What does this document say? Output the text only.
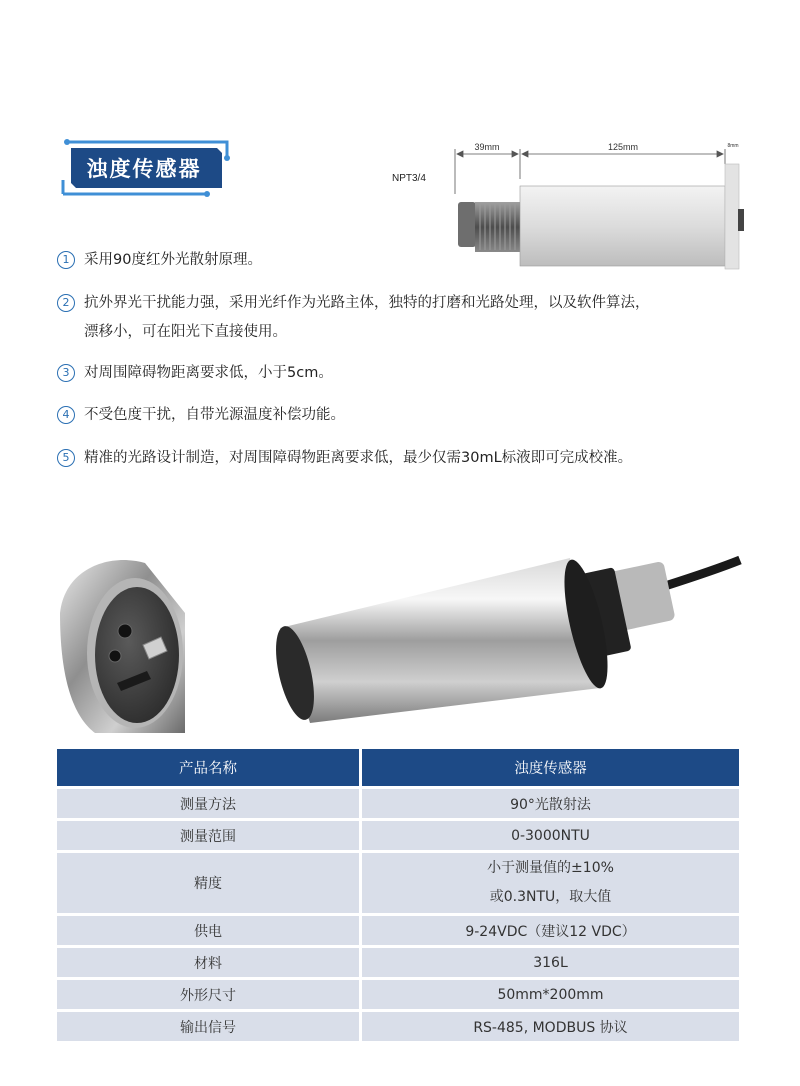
浊度传感器
39mm	125mm	8mm
NPT3/4
1	采用90度红外光散射原理。
2	抗外界光干扰能力强，采用光纤作为光路主体，独特的打磨和光路处理，以及软件算法，
漂移小，可在阳光下直接使用。
3	对周围障碍物距离要求低，小于5cm。
4	不受色度干扰，自带光源温度补偿功能。
5	精准的光路设计制造，对周围障碍物距离要求低，最少仅需30mL标液即可完成校准。
产品名称	浊度传感器
测量方法	90°光散射法
测量范围	0-3000NTU
精度	小于测量值的±10%
或0.3NTU，取大值

供电	9-24VDC（建议12 VDC）
材料	316L
外形尺寸	50mm*200mm
输出信号	RS-485, MODBUS 协议
